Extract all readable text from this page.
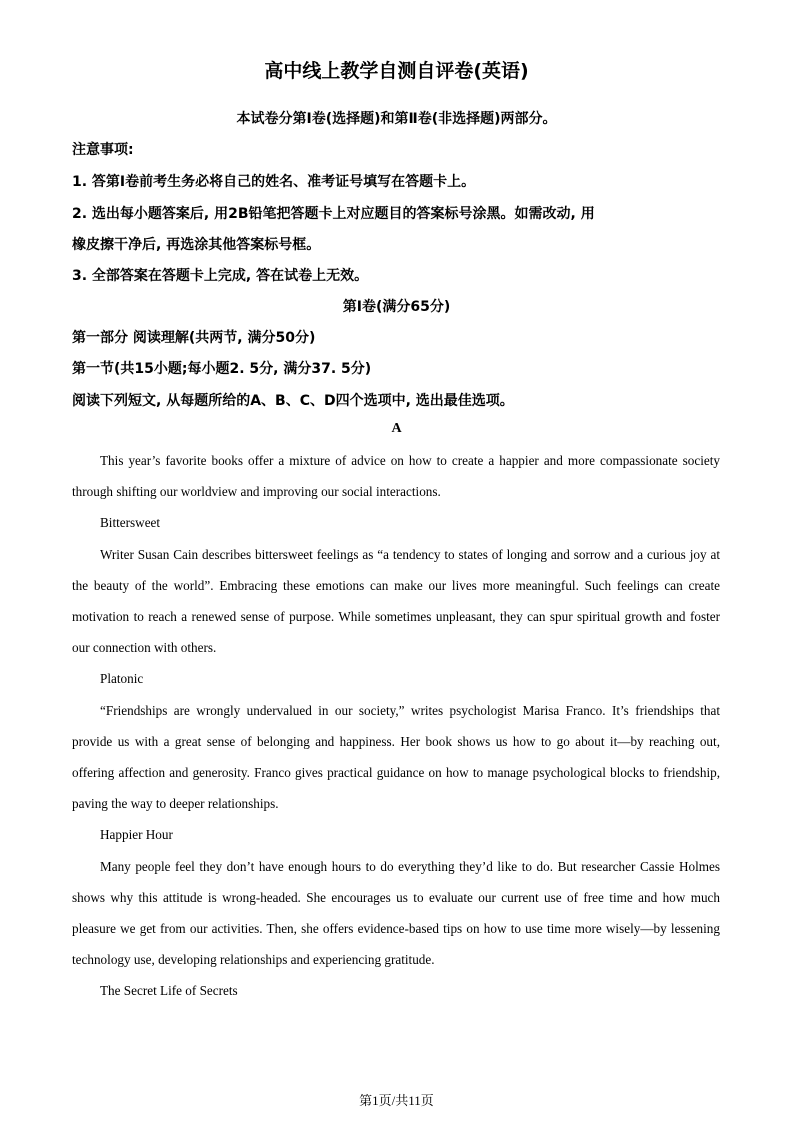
高中线上教学自测自评卷(英语)
本试卷分第I卷(选择题)和第Ⅱ卷(非选择题)两部分。
注意事项:
1. 答第I卷前考生务必将自己的姓名、准考证号填写在答题卡上。
2. 选出每小题答案后, 用2B铅笔把答题卡上对应题目的答案标号涂黑。如需改动, 用
橡皮擦干净后, 再选涂其他答案标号框。
3. 全部答案在答题卡上完成, 答在试卷上无效。
第I卷(满分65分)
第一部分 阅读理解(共两节, 满分50分)
第一节(共15小题;每小题2. 5分, 满分37. 5分)
阅读下列短文, 从每题所给的A、B、C、D四个选项中, 选出最佳选项。
A

This year’s favorite books offer a mixture of advice on how to create a happier and more compassionate society through shifting our worldview and improving our social interactions.

Bittersweet

Writer Susan Cain describes bittersweet feelings as “a tendency to states of longing and sorrow and a curious joy at the beauty of the world”. Embracing these emotions can make our lives more meaningful. Such feelings can create motivation to reach a renewed sense of purpose. While sometimes unpleasant, they can spur spiritual growth and foster our connection with others.

Platonic

“Friendships are wrongly undervalued in our society,” writes psychologist Marisa Franco. It’s friendships that provide us with a great sense of belonging and happiness. Her book shows us how to go about it—by reaching out, offering affection and generosity. Franco gives practical guidance on how to manage psychological blocks to friendship, paving the way to deeper relationships.

Happier Hour

Many people feel they don’t have enough hours to do everything they’d like to do. But researcher Cassie Holmes shows why this attitude is wrong-headed. She encourages us to evaluate our current use of free time and how much pleasure we get from our activities. Then, she offers evidence-based tips on how to use time more wisely—by lessening technology use, developing relationships and experiencing gratitude.

The Secret Life of Secrets

第1页/共11页
